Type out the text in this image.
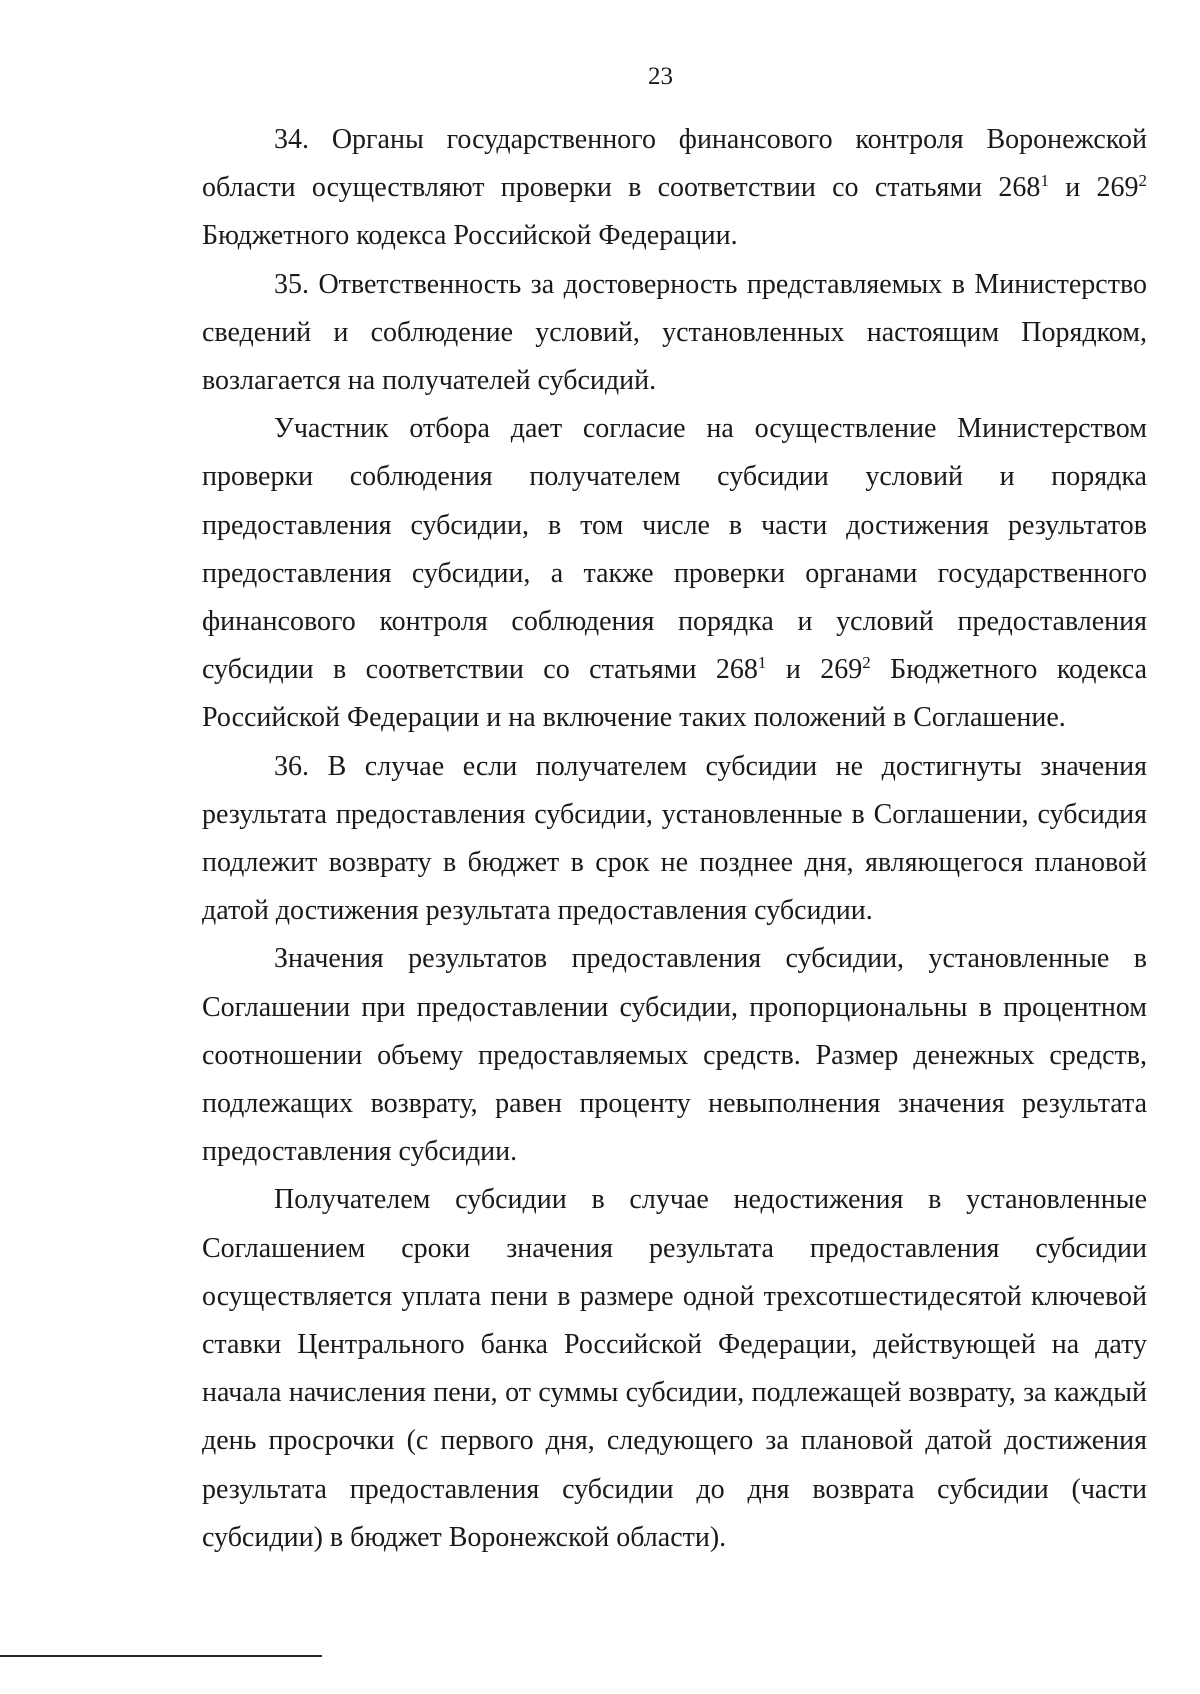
23

34. Органы государственного финансового контроля Воронежской области осуществляют проверки в соответствии со статьями $268^1$ и $269^2$ Бюджетного кодекса Российской Федерации.

35. Ответственность за достоверность представляемых в Министерство сведений и соблюдение условий, установленных настоящим Порядком, возлагается на получателей субсидий.

Участник отбора дает согласие на осуществление Министерством проверки соблюдения получателем субсидии условий и порядка предоставления субсидии, в том числе в части достижения результатов предоставления субсидии, а также проверки органами государственного финансового контроля соблюдения порядка и условий предоставления субсидии в соответствии со статьями $268^1$ и $269^2$ Бюджетного кодекса Российской Федерации и на включение таких положений в Соглашение.

36. В случае если получателем субсидии не достигнуты значения результата предоставления субсидии, установленные в Соглашении, субсидия подлежит возврату в бюджет в срок не позднее дня, являющегося плановой датой достижения результата предоставления субсидии.

Значения результатов предоставления субсидии, установленные в Соглашении при предоставлении субсидии, пропорциональны в процентном соотношении объему предоставляемых средств. Размер денежных средств, подлежащих возврату, равен проценту невыполнения значения результата предоставления субсидии.

Получателем субсидии в случае недостижения в установленные Соглашением сроки значения результата предоставления субсидии осуществляется уплата пени в размере одной трехсотшестидесятой ключевой ставки Центрального банка Российской Федерации, действующей на дату начала начисления пени, от суммы субсидии, подлежащей возврату, за каждый день просрочки (с первого дня, следующего за плановой датой достижения результата предоставления субсидии до дня возврата субсидии (части субсидии) в бюджет Воронежской области).
